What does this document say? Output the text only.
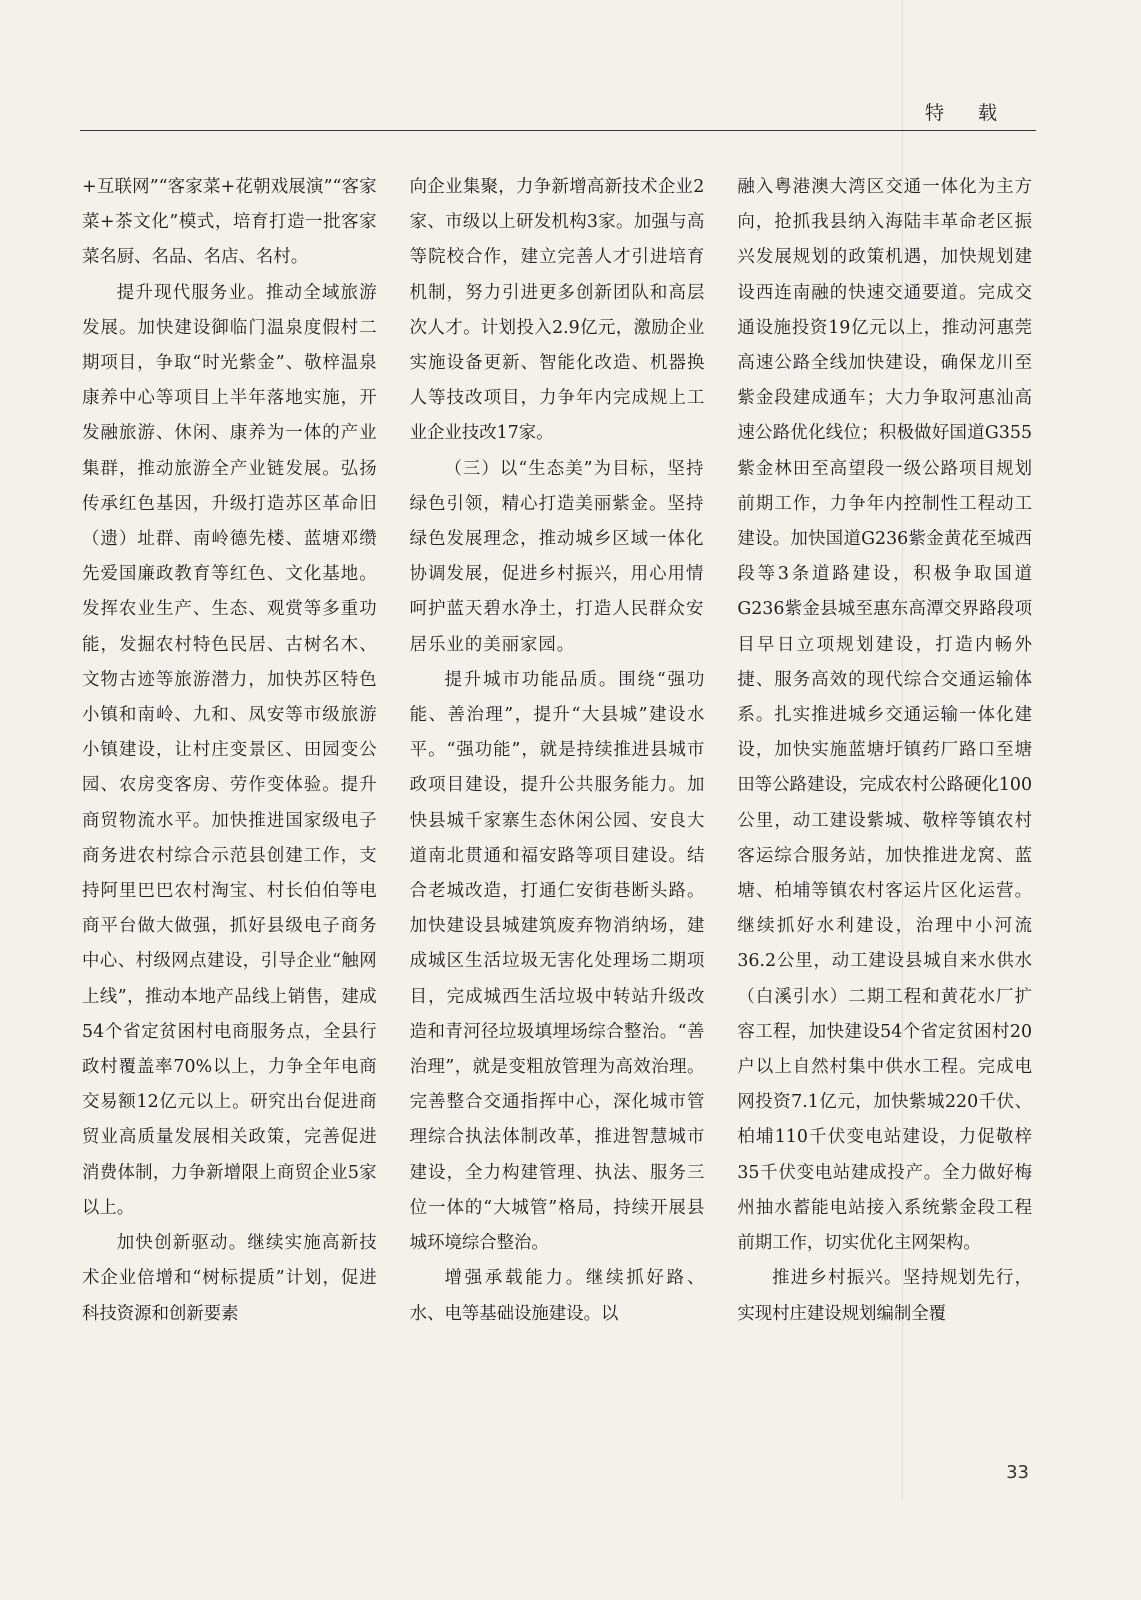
特 载

+互联网”“客家菜+花朝戏展演”“客家菜+茶文化”模式，培育打造一批客家菜名厨、名品、名店、名村。

提升现代服务业。推动全域旅游发展。加快建设御临门温泉度假村二期项目，争取“时光紫金”、敬梓温泉康养中心等项目上半年落地实施，开发融旅游、休闲、康养为一体的产业集群，推动旅游全产业链发展。弘扬传承红色基因，升级打造苏区革命旧（遗）址群、南岭德先楼、蓝塘邓缵先爱国廉政教育等红色、文化基地。发挥农业生产、生态、观赏等多重功能，发掘农村特色民居、古树名木、文物古迹等旅游潜力，加快苏区特色小镇和南岭、九和、凤安等市级旅游小镇建设，让村庄变景区、田园变公园、农房变客房、劳作变体验。提升商贸物流水平。加快推进国家级电子商务进农村综合示范县创建工作，支持阿里巴巴农村淘宝、村长伯伯等电商平台做大做强，抓好县级电子商务中心、村级网点建设，引导企业“触网上线”，推动本地产品线上销售，建成54个省定贫困村电商服务点，全县行政村覆盖率70%以上，力争全年电商交易额12亿元以上。研究出台促进商贸业高质量发展相关政策，完善促进消费体制，力争新增限上商贸企业5家以上。

加快创新驱动。继续实施高新技术企业倍增和“树标提质”计划，促进科技资源和创新要素

向企业集聚，力争新增高新技术企业2家、市级以上研发机构3家。加强与高等院校合作，建立完善人才引进培育机制，努力引进更多创新团队和高层次人才。计划投入2.9亿元，激励企业实施设备更新、智能化改造、机器换人等技改项目，力争年内完成规上工业企业技改17家。

（三）以“生态美”为目标，坚持绿色引领，精心打造美丽紫金。坚持绿色发展理念，推动城乡区域一体化协调发展，促进乡村振兴，用心用情呵护蓝天碧水净土，打造人民群众安居乐业的美丽家园。

提升城市功能品质。围绕“强功能、善治理”，提升“大县城”建设水平。“强功能”，就是持续推进县城市政项目建设，提升公共服务能力。加快县城千家寨生态休闲公园、安良大道南北贯通和福安路等项目建设。结合老城改造，打通仁安街巷断头路。加快建设县城建筑废弃物消纳场，建成城区生活垃圾无害化处理场二期项目，完成城西生活垃圾中转站升级改造和青河径垃圾填埋场综合整治。“善治理”，就是变粗放管理为高效治理。完善整合交通指挥中心，深化城市管理综合执法体制改革，推进智慧城市建设，全力构建管理、执法、服务三位一体的“大城管”格局，持续开展县城环境综合整治。

增强承载能力。继续抓好路、水、电等基础设施建设。以

融入粤港澳大湾区交通一体化为主方向，抢抓我县纳入海陆丰革命老区振兴发展规划的政策机遇，加快规划建设西连南融的快速交通要道。完成交通设施投资19亿元以上，推动河惠莞高速公路全线加快建设，确保龙川至紫金段建成通车；大力争取河惠汕高速公路优化线位；积极做好国道G355紫金林田至高望段一级公路项目规划前期工作，力争年内控制性工程动工建设。加快国道G236紫金黄花至城西段等3条道路建设，积极争取国道G236紫金县城至惠东高潭交界路段项目早日立项规划建设，打造内畅外捷、服务高效的现代综合交通运输体系。扎实推进城乡交通运输一体化建设，加快实施蓝塘圩镇药厂路口至塘田等公路建设，完成农村公路硬化100公里，动工建设紫城、敬梓等镇农村客运综合服务站，加快推进龙窝、蓝塘、柏埔等镇农村客运片区化运营。继续抓好水利建设，治理中小河流36.2公里，动工建设县城自来水供水（白溪引水）二期工程和黄花水厂扩容工程，加快建设54个省定贫困村20户以上自然村集中供水工程。完成电网投资7.1亿元，加快紫城220千伏、柏埔110千伏变电站建设，力促敬梓35千伏变电站建成投产。全力做好梅州抽水蓄能电站接入系统紫金段工程前期工作，切实优化主网架构。

推进乡村振兴。坚持规划先行，实现村庄建设规划编制全覆

33
